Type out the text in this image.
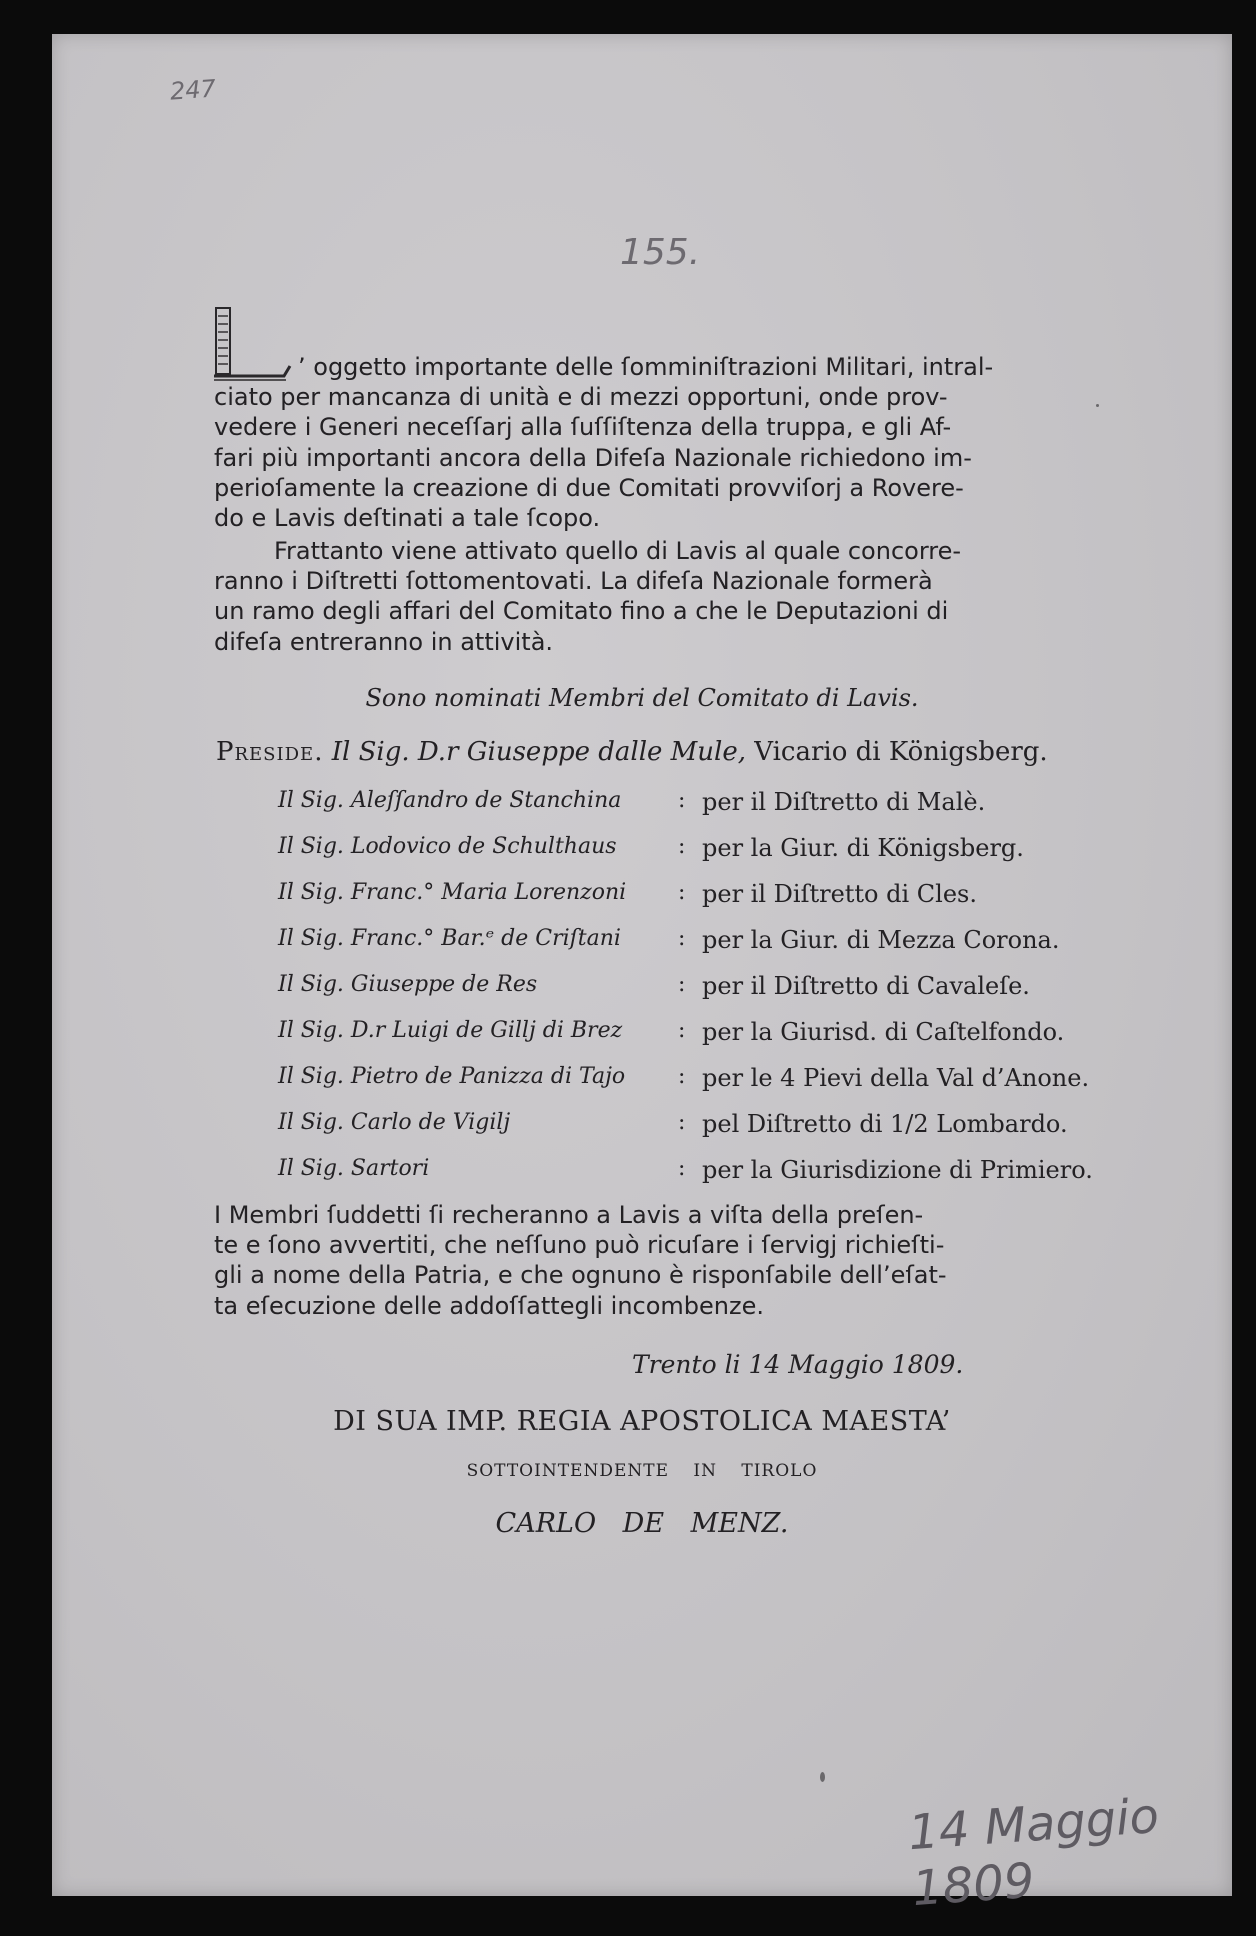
247
155.
L
’ oggetto importante delle ſomminiſtrazioni Militari, intral-
ciato per mancanza di unità e di mezzi opportuni, onde prov-
vedere i Generi neceſſarj alla ſuſſiſtenza della truppa, e gli Af-
fari più importanti ancora della Difeſa Nazionale richiedono im-
perioſamente la creazione di due Comitati provviſorj a Rovere-
do e Lavis deſtinati a tale ſcopo.
Frattanto viene attivato quello di Lavis al quale concorre-
ranno i Diſtretti ſottomentovati. La difeſa Nazionale formerà
un ramo degli affari del Comitato fino a che le Deputazioni di
difeſa entreranno in attività.
Sono nominati Membri del Comitato di Lavis.
Preside. Il Sig. D.r Giuseppe dalle Mule, Vicario di Königsberg.
Il Sig. Aleſſandro de Stanchina	: per il Diſtretto di Malè.
Il Sig. Lodovico de Schulthaus	: per la Giur. di Königsberg.
Il Sig. Franc.° Maria Lorenzoni : per il Diſtretto di Cles.
Il Sig. Franc.° Bar.ᵉ de Criſtani	: per la Giur. di Mezza Corona.
Il Sig. Giuseppe de Res	: per il Diſtretto di Cavaleſe.
Il Sig. D.r Luigi de Gillj di Brez	: per la Giurisd. di Caſtelfondo.
Il Sig. Pietro de Panizza di Tajo : per le 4 Pievi della Val d’Anone.
Il Sig. Carlo de Vigilj	: pel Diſtretto di 1/2 Lombardo.
Il Sig. Sartori	: per la Giurisdizione di Primiero.
I Membri ſuddetti ſi recheranno a Lavis a viſta della preſen-
te e ſono avvertiti, che neſſuno può ricuſare i ſervigj richieſti-
gli a nome della Patria, e che ognuno è risponſabile dell’eſat-
ta eſecuzione delle addoſſattegli incombenze.
Trento li 14 Maggio 1809.
DI SUA IMP. REGIA APOSTOLICA MAESTA’
SOTTOINTENDENTE IN TIROLO
CARLO DE MENZ.
14 Maggio 1809
